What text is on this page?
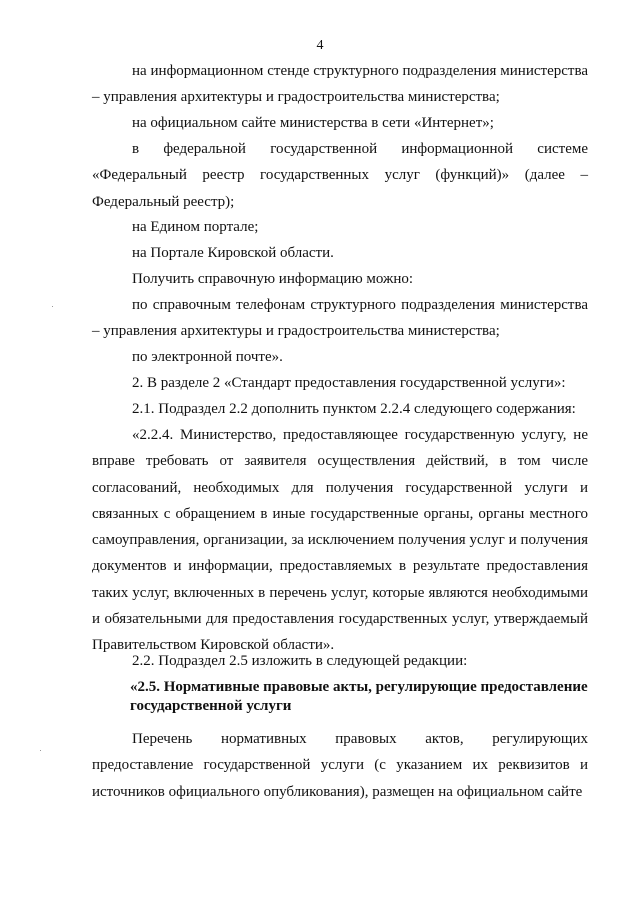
4

на информационном стенде структурного подразделения министерства – управления архитектуры и градостроительства министерства;

на официальном сайте министерства в сети «Интернет»;

в федеральной государственной информационной системе «Федеральный реестр государственных услуг (функций)» (далее – Федеральный реестр);

на Едином портале;

на Портале Кировской области.

Получить справочную информацию можно:

по справочным телефонам структурного подразделения министерства – управления архитектуры и градостроительства министерства;

по электронной почте».

2. В разделе 2 «Стандарт предоставления государственной услуги»:

2.1. Подраздел 2.2 дополнить пунктом 2.2.4 следующего содержания:

«2.2.4. Министерство, предоставляющее государственную услугу, не вправе требовать от заявителя осуществления действий, в том числе согласований, необходимых для получения государственной услуги и связанных с обращением в иные государственные органы, органы местного самоуправления, организации, за исключением получения услуг и получения документов и информации, предоставляемых в результате предоставления таких услуг, включенных в перечень услуг, которые являются необходимыми и обязательными для предоставления государственных услуг, утверждаемый Правительством Кировской области».

2.2. Подраздел 2.5 изложить в следующей редакции:

«2.5. Нормативные правовые акты, регулирующие предоставление государственной услуги

Перечень нормативных правовых актов, регулирующих предоставление государственной услуги (с указанием их реквизитов и источников официального опубликования), размещен на официальном сайте
